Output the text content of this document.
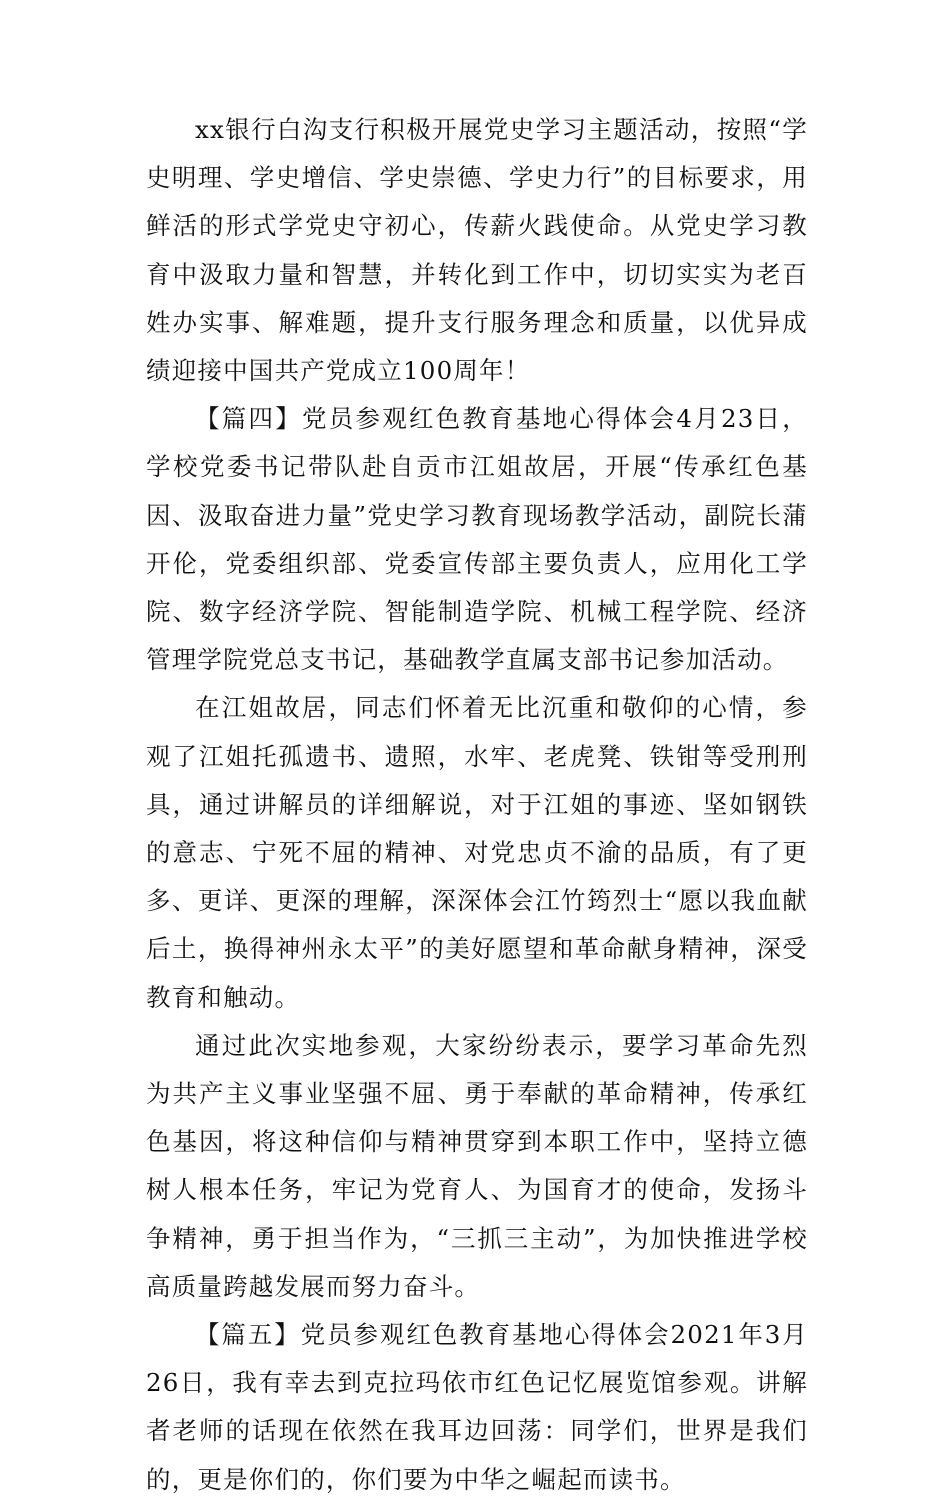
xx银行白沟支行积极开展党史学习主题活动，按照“学史明理、学史增信、学史崇德、学史力行”的目标要求，用鲜活的形式学党史守初心，传薪火践使命。从党史学习教育中汲取力量和智慧，并转化到工作中，切切实实为老百姓办实事、解难题，提升支行服务理念和质量，以优异成绩迎接中国共产党成立100周年！

【篇四】党员参观红色教育基地心得体会4月23日，学校党委书记带队赴自贡市江姐故居，开展“传承红色基因、汲取奋进力量”党史学习教育现场教学活动，副院长蒲开伦，党委组织部、党委宣传部主要负责人，应用化工学院、数字经济学院、智能制造学院、机械工程学院、经济管理学院党总支书记，基础教学直属支部书记参加活动。

在江姐故居，同志们怀着无比沉重和敬仰的心情，参观了江姐托孤遗书、遗照，水牢、老虎凳、铁钳等受刑刑具，通过讲解员的详细解说，对于江姐的事迹、坚如钢铁的意志、宁死不屈的精神、对党忠贞不渝的品质，有了更多、更详、更深的理解，深深体会江竹筠烈士“愿以我血献后土，换得神州永太平”的美好愿望和革命献身精神，深受教育和触动。

通过此次实地参观，大家纷纷表示，要学习革命先烈为共产主义事业坚强不屈、勇于奉献的革命精神，传承红色基因，将这种信仰与精神贯穿到本职工作中，坚持立德树人根本任务，牢记为党育人、为国育才的使命，发扬斗争精神，勇于担当作为，“三抓三主动”，为加快推进学校高质量跨越发展而努力奋斗。

【篇五】党员参观红色教育基地心得体会2021年3月26日，我有幸去到克拉玛依市红色记忆展览馆参观。讲解者老师的话现在依然在我耳边回荡：同学们，世界是我们的，更是你们的，你们要为中华之崛起而读书。
